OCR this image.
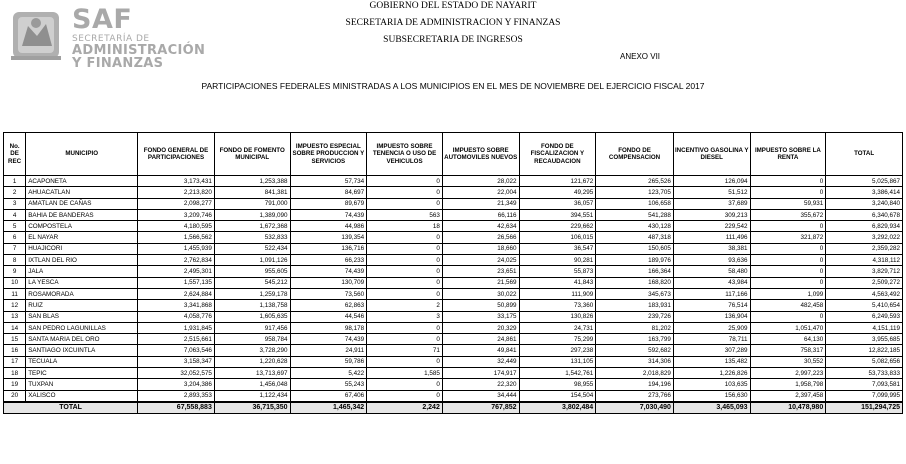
SAF
SECRETARÍA DE
ADMINISTRACIÓN
Y FINANZAS
GOBIERNO DEL ESTADO DE NAYARIT
SECRETARIA DE ADMINISTRACION Y FINANZAS
SUBSECRETARIA DE INGRESOS
ANEXO VII
PARTICIPACIONES FEDERALES MINISTRADAS A LOS MUNICIPIOS EN EL MES DE NOVIEMBRE DEL EJERCICIO FISCAL 2017
No.
DE
REC	MUNICIPIO	FONDO GENERAL DE PARTICIPACIONES	FONDO DE FOMENTO MUNICIPAL	IMPUESTO ESPECIAL SOBRE PRODUCCION Y SERVICIOS	IMPUESTO SOBRE TENENCIA O USO DE VEHICULOS	IMPUESTO SOBRE AUTOMOVILES NUEVOS	FONDO DE FISCALIZACION Y RECAUDACION	FONDO DE COMPENSACION	INCENTIVO GASOLINA Y DIESEL	IMPUESTO SOBRE LA RENTA	TOTAL
1	ACAPONETA	3,173,431	1,253,388	57,734	0	28,022	121,672	265,526	126,094	0	5,025,867
2	AHUACATLAN	2,213,820	841,381	84,697	0	22,004	49,295	123,705	51,512	0	3,386,414
3	AMATLAN DE CAÑAS	2,098,277	791,000	89,679	0	21,349	36,057	106,658	37,689	59,931	3,240,840
4	BAHIA DE BANDERAS	3,209,746	1,389,090	74,439	563	66,116	394,551	541,288	309,213	355,672	6,340,678
5	COMPOSTELA	4,180,595	1,672,368	44,986	18	42,634	229,662	430,128	229,542	0	6,829,934
6	EL NAYAR	1,566,562	532,833	139,354	0	26,566	106,015	487,318	111,496	321,872	3,292,022
7	HUAJICORI	1,455,939	522,434	136,716	0	18,660	36,547	150,605	38,381	0	2,359,282
8	IXTLAN DEL RIO	2,762,834	1,091,126	66,233	0	24,025	90,281	189,976	93,636	0	4,318,112
9	JALA	2,495,301	955,605	74,439	0	23,651	55,873	166,364	58,480	0	3,829,712
10	LA YESCA	1,557,135	545,212	130,709	0	21,569	41,843	168,820	43,984	0	2,509,272
11	ROSAMORADA	2,624,884	1,259,178	73,560	0	30,022	111,909	345,673	117,166	1,099	4,563,492
12	RUIZ	3,341,868	1,138,758	62,863	2	50,899	73,360	183,931	76,514	482,458	5,410,654
13	SAN BLAS	4,058,776	1,605,635	44,546	3	33,175	130,826	239,726	136,904	0	6,249,593
14	SAN PEDRO LAGUNILLAS	1,931,845	917,456	98,178	0	20,329	24,731	81,202	25,909	1,051,470	4,151,119
15	SANTA MARIA DEL ORO	2,515,661	958,784	74,439	0	24,861	75,299	163,799	78,711	64,130	3,955,685
16	SANTIAGO IXCUINTLA	7,063,546	3,728,290	24,911	71	49,841	297,238	592,682	307,289	758,317	12,822,185
17	TECUALA	3,158,347	1,220,628	59,786	0	32,449	131,105	314,306	135,482	30,552	5,082,656
18	TEPIC	32,052,575	13,713,697	5,422	1,585	174,917	1,542,761	2,018,829	1,226,826	2,997,223	53,733,833
19	TUXPAN	3,204,386	1,456,048	55,243	0	22,320	98,955	194,196	103,635	1,958,798	7,093,581
20	XALISCO	2,893,353	1,122,434	67,406	0	34,444	154,504	273,766	156,630	2,397,458	7,099,995
TOTAL		67,558,883	36,715,350	1,465,342	2,242	767,852	3,802,484	7,030,490	3,465,093	10,478,980	151,294,725
